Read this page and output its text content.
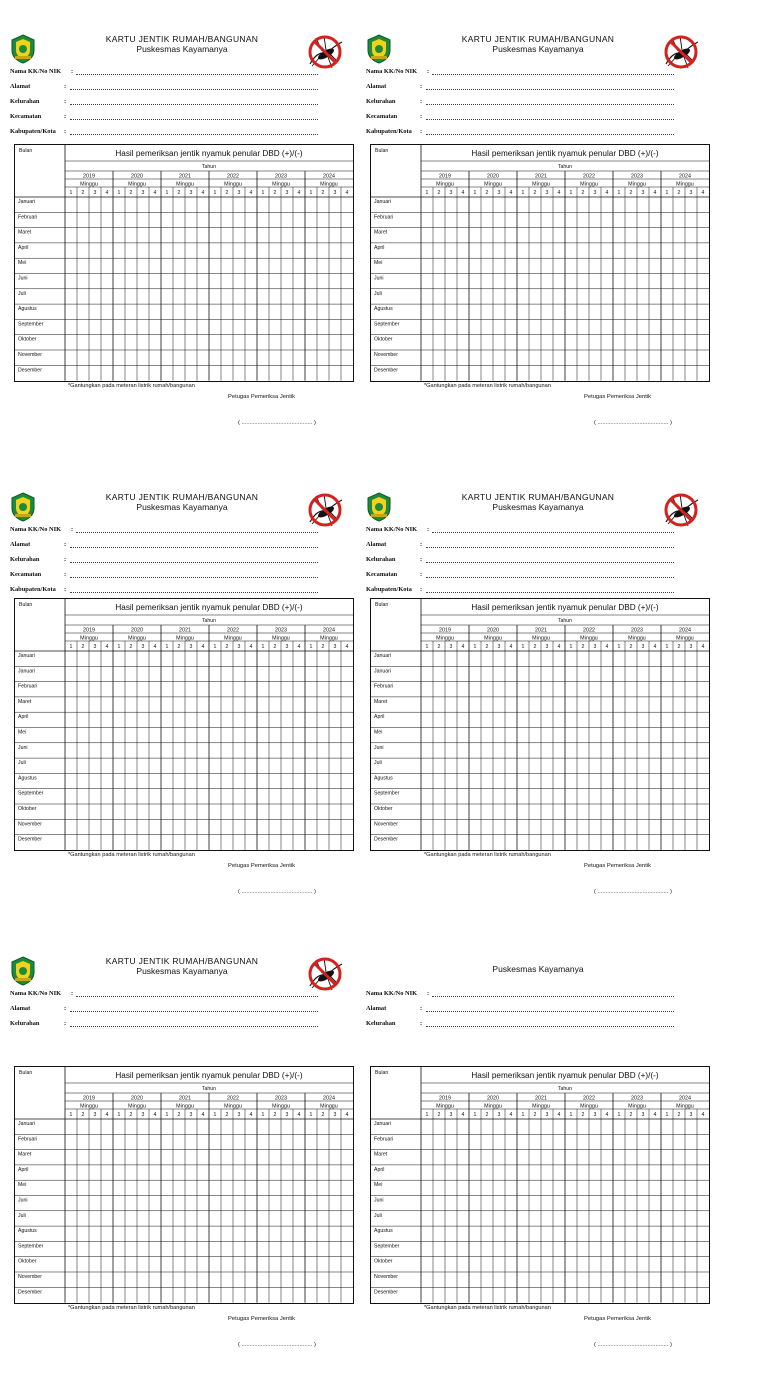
KARTU JENTIK RUMAH/BANGUNAN
Puskesmas Kayamanya
Nama KK/No NIK :
Alamat	:
Kelurahan	:
Kecamatan	:
Kabupaten/Kota :
Bulan	Hasil pemeriksan jentik nyamuk penular DBD (+)/(-)
Tahun
2019	2020	2021	2022	2023	2024
Minggu	Minggu	Minggu	Minggu	Minggu	Minggu
1 2 3 4 1 2 3 4 1 2 3 4 1 2 3 4 1 2 3 4 1 2 3 4
Januari
Februari
Maret
April
Mei
Juni
Juli
Agustus
September
Oktober
November
Desember
*Gantungkan pada meteran listrik rumah/bangunan
Petugas Pemeriksa Jentik
( ............................................ )
KARTU JENTIK RUMAH/BANGUNAN
Puskesmas Kayamanya
Nama KK/No NIK :
Alamat	:
Kelurahan	:
Kecamatan	:
Kabupaten/Kota :
Bulan	Hasil pemeriksan jentik nyamuk penular DBD (+)/(-)
Tahun
2019	2020	2021	2022	2023	2024
Minggu	Minggu	Minggu	Minggu	Minggu	Minggu
1 2 3 4 1 2 3 4 1 2 3 4 1 2 3 4 1 2 3 4 1 2 3 4
Januari
Februari
Maret
April
Mei
Juni
Juli
Agustus
September
Oktober
November
Desember
*Gantungkan pada meteran listrik rumah/bangunan
Petugas Pemeriksa Jentik
( ............................................ )
KARTU JENTIK RUMAH/BANGUNAN
Puskesmas Kayamanya
Nama KK/No NIK :
Alamat	:
Kelurahan	:
Kecamatan	:
Kabupaten/Kota :
Bulan	Hasil pemeriksan jentik nyamuk penular DBD (+)/(-)
Tahun
2019	2020	2021	2022	2023	2024
Minggu	Minggu	Minggu	Minggu	Minggu	Minggu
1 2 3 4 1 2 3 4 1 2 3 4 1 2 3 4 1 2 3 4 1 2 3 4
Januari
Januari
Februari
Maret
April
Mei
Juni
Juli
Agustus
September
Oktober
November
Desember
*Gantungkan pada meteran listrik rumah/bangunan
Petugas Pemeriksa Jentik
( ............................................ )
KARTU JENTIK RUMAH/BANGUNAN
Puskesmas Kayamanya
Nama KK/No NIK :
Alamat	:
Kelurahan	:
Kecamatan	:
Kabupaten/Kota :
Bulan	Hasil pemeriksan jentik nyamuk penular DBD (+)/(-)
Tahun
2019	2020	2021	2022	2023	2024
Minggu	Minggu	Minggu	Minggu	Minggu	Minggu
1 2 3 4 1 2 3 4 1 2 3 4 1 2 3 4 1 2 3 4 1 2 3 4
Januari
Januari
Februari
Maret
April
Mei
Juni
Juli
Agustus
September
Oktober
November
Desember
*Gantungkan pada meteran listrik rumah/bangunan
Petugas Pemeriksa Jentik
( ............................................ )
KARTU JENTIK RUMAH/BANGUNAN
Puskesmas Kayamanya
Nama KK/No NIK :
Alamat	:
Kelurahan	:
Bulan	Hasil pemeriksan jentik nyamuk penular DBD (+)/(-)
Tahun
2019	2020	2021	2022	2023	2024
Minggu	Minggu	Minggu	Minggu	Minggu	Minggu
1 2 3 4 1 2 3 4 1 2 3 4 1 2 3 4 1 2 3 4 1 2 3 4
Januari
Februari
Maret
April
Mei
Juni
Juli
Agustus
September
Oktober
November
Desember
*Gantungkan pada meteran listrik rumah/bangunan
Petugas Pemeriksa Jentik
( ............................................ )
Puskesmas Kayamanya
Nama KK/No NIK :
Alamat	:
Kelurahan	:
Bulan	Hasil pemeriksan jentik nyamuk penular DBD (+)/(-)
Tahun
2019	2020	2021	2022	2023	2024
Minggu	Minggu	Minggu	Minggu	Minggu	Minggu
1 2 3 4 1 2 3 4 1 2 3 4 1 2 3 4 1 2 3 4 1 2 3 4
Januari
Februari
Maret
April
Mei
Juni
Juli
Agustus
September
Oktober
November
Desember
*Gantungkan pada meteran listrik rumah/bangunan
Petugas Pemeriksa Jentik
( ............................................ )
